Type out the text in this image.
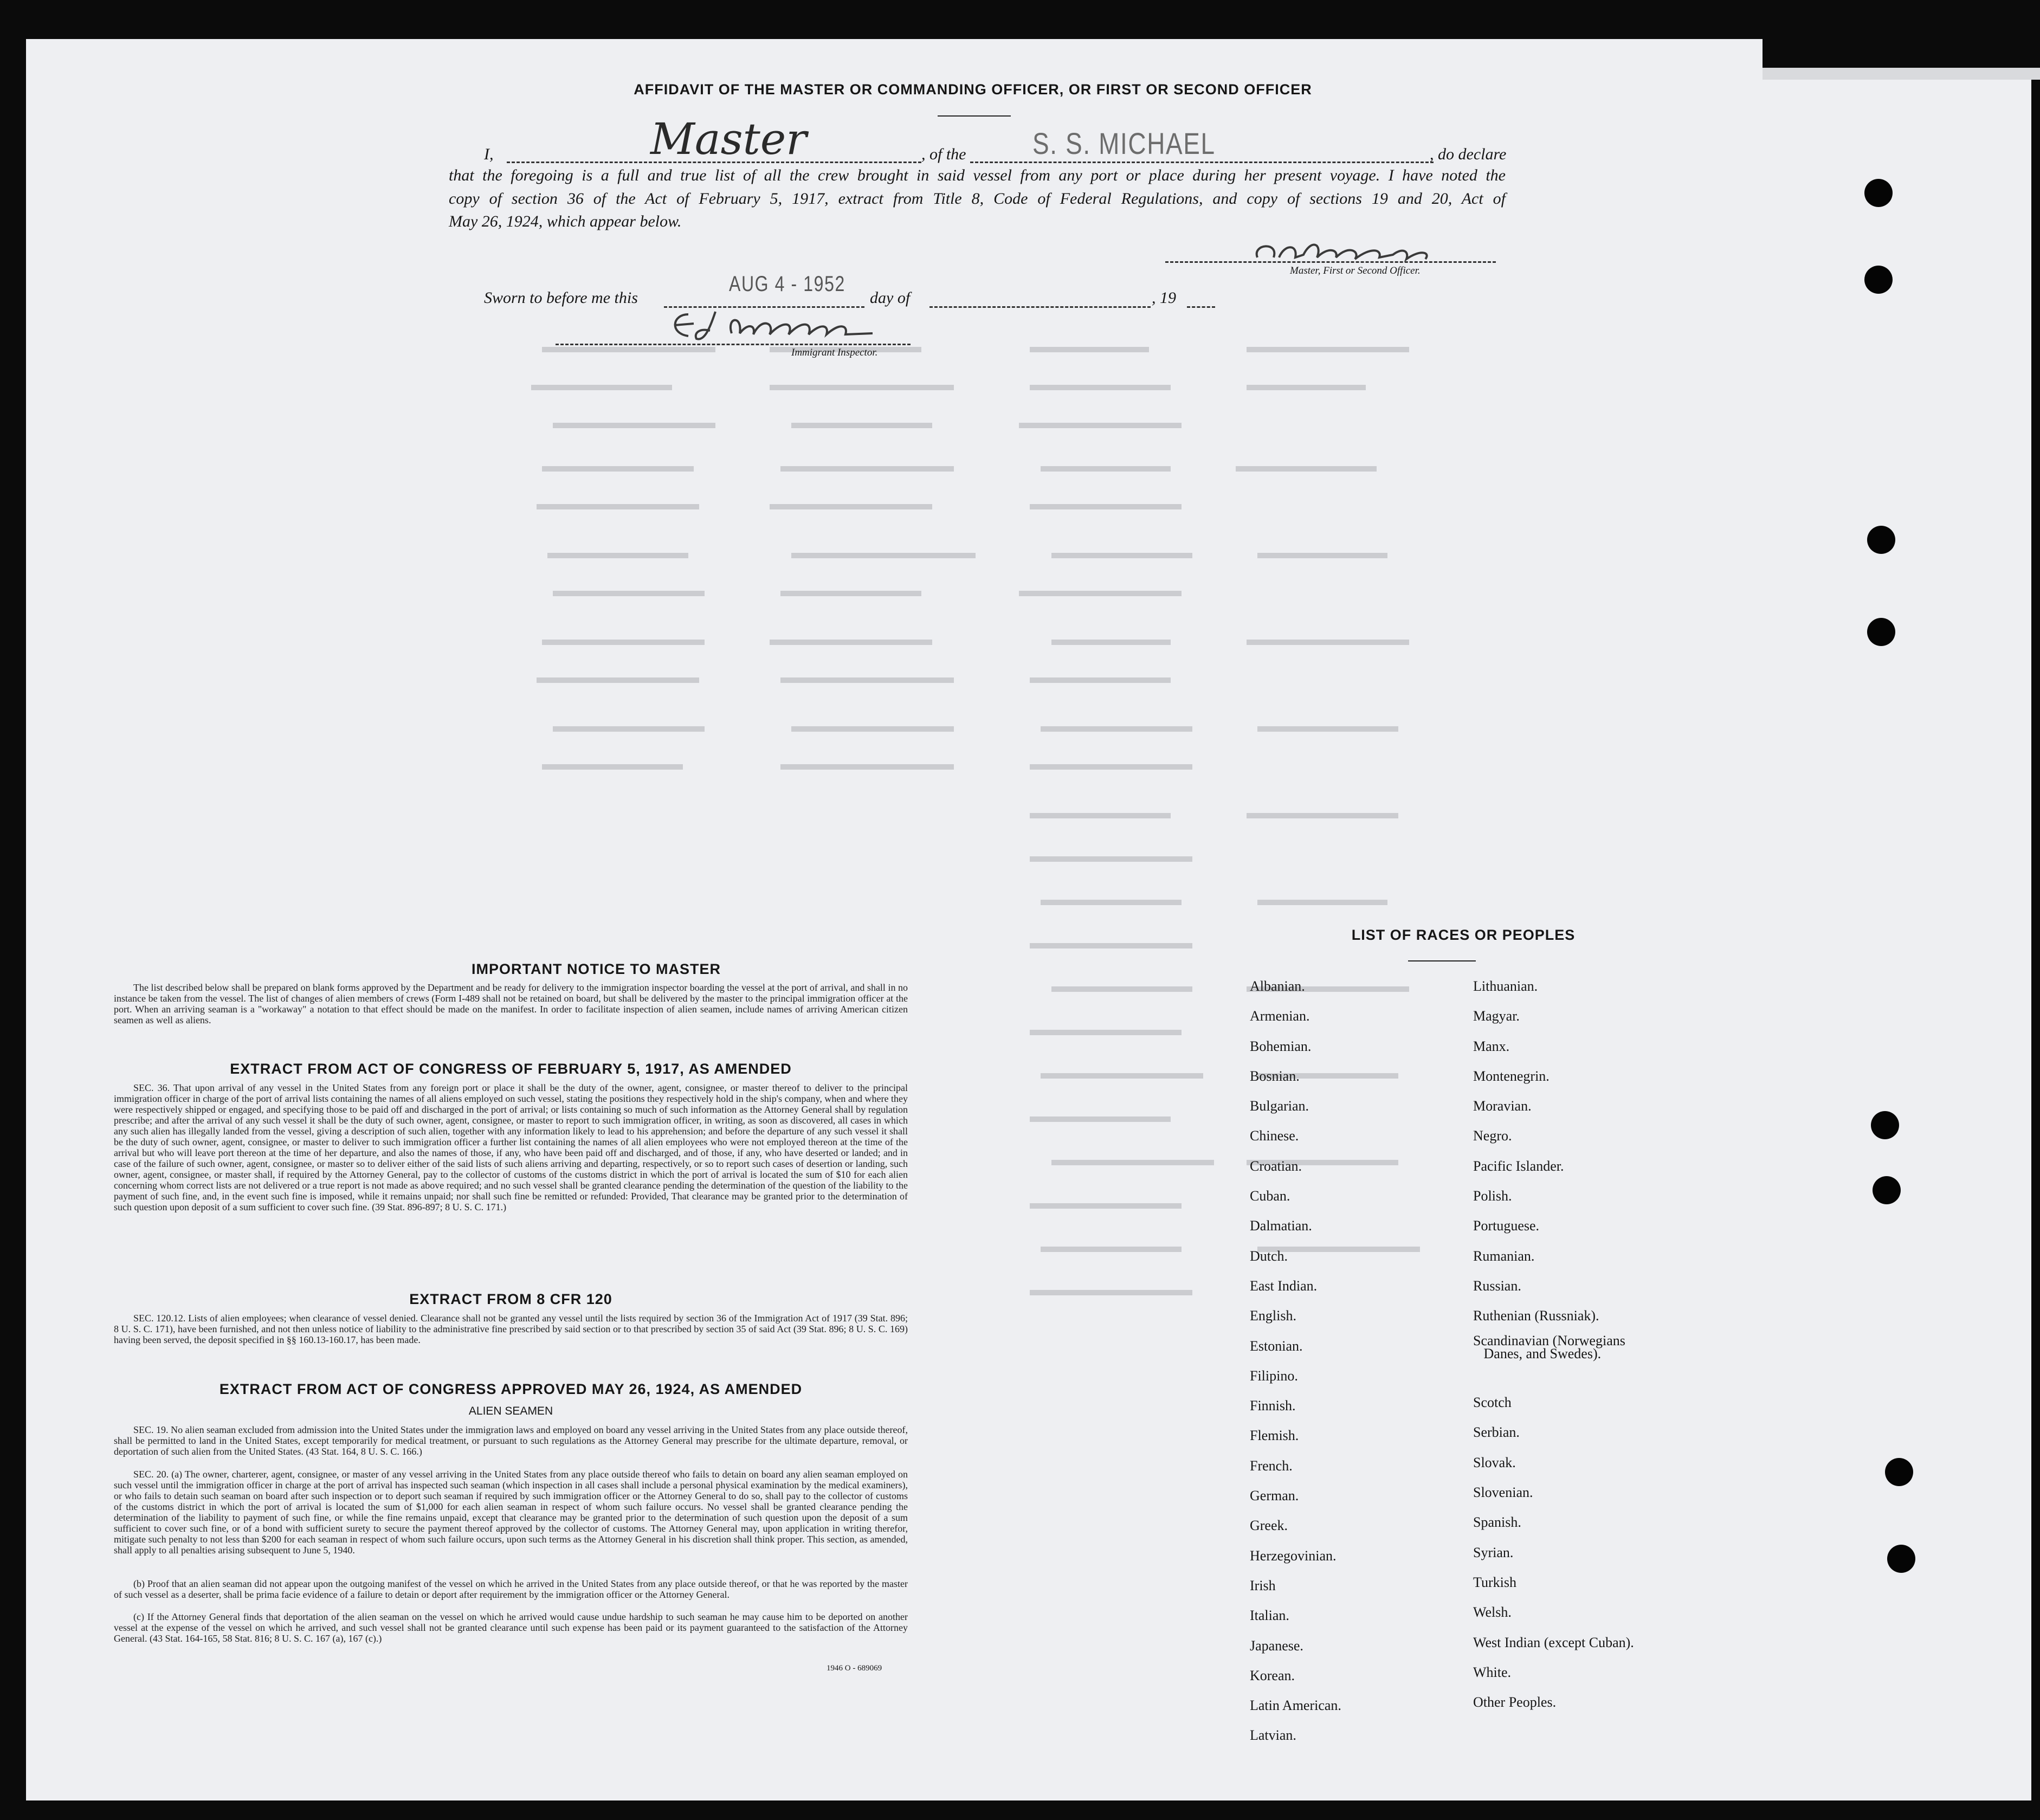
AFFIDAVIT OF THE MASTER OR COMMANDING OFFICER, OR FIRST OR SECOND OFFICER
I,	Master	, of the S. S. MICHAEL	, do declare
that the foregoing is a full and true list of all the crew brought in said vessel from any port or place during her present voyage. I have noted the
copy of section 36 of the Act of February 5, 1917, extract from Title 8, Code of Federal Regulations, and copy of sections 19 and 20, Act of
May 26, 1924, which appear below.
Master, First or Second Officer.
Sworn to before me this
AUG 4 - 1952
day of	, 19
Immigrant Inspector.
IMPORTANT NOTICE TO MASTER
The list described below shall be prepared on blank forms approved by the Department and be ready for delivery to the immigration inspector boarding the vessel at the port of arrival, and shall in no instance be taken from the vessel. The list of changes of alien members of crews (Form I-489 shall not be retained on board, but shall be delivered by the master to the principal immigration officer at the port. When an arriving seaman is a "workaway" a notation to that effect should be made on the manifest. In order to facilitate inspection of alien seamen, include names of arriving American citizen seamen as well as aliens.
EXTRACT FROM ACT OF CONGRESS OF FEBRUARY 5, 1917, AS AMENDED
SEC. 36. That upon arrival of any vessel in the United States from any foreign port or place it shall be the duty of the owner, agent, consignee, or master thereof to deliver to the principal immigration officer in charge of the port of arrival lists containing the names of all aliens employed on such vessel, stating the positions they respectively hold in the ship's company, when and where they were respectively shipped or engaged, and specifying those to be paid off and discharged in the port of arrival; or lists containing so much of such information as the Attorney General shall by regulation prescribe; and after the arrival of any such vessel it shall be the duty of such owner, agent, consignee, or master to report to such immigration officer, in writing, as soon as discovered, all cases in which any such alien has illegally landed from the vessel, giving a description of such alien, together with any information likely to lead to his apprehension; and before the departure of any such vessel it shall be the duty of such owner, agent, consignee, or master to deliver to such immigration officer a further list containing the names of all alien employees who were not employed thereon at the time of the arrival but who will leave port thereon at the time of her departure, and also the names of those, if any, who have been paid off and discharged, and of those, if any, who have deserted or landed; and in case of the failure of such owner, agent, consignee, or master so to deliver either of the said lists of such aliens arriving and departing, respectively, or so to report such cases of desertion or landing, such owner, agent, consignee, or master shall, if required by the Attorney General, pay to the collector of customs of the customs district in which the port of arrival is located the sum of $10 for each alien concerning whom correct lists are not delivered or a true report is not made as above required; and no such vessel shall be granted clearance pending the determination of the question of the liability to the payment of such fine, and, in the event such fine is imposed, while it remains unpaid; nor shall such fine be remitted or refunded: Provided, That clearance may be granted prior to the determination of such question upon deposit of a sum sufficient to cover such fine. (39 Stat. 896-897; 8 U. S. C. 171.)
EXTRACT FROM 8 CFR 120
SEC. 120.12. Lists of alien employees; when clearance of vessel denied. Clearance shall not be granted any vessel until the lists required by section 36 of the Immigration Act of 1917 (39 Stat. 896; 8 U. S. C. 171), have been furnished, and not then unless notice of liability to the administrative fine prescribed by said section or to that prescribed by section 35 of said Act (39 Stat. 896; 8 U. S. C. 169) having been served, the deposit specified in §§ 160.13-160.17, has been made.
EXTRACT FROM ACT OF CONGRESS APPROVED MAY 26, 1924, AS AMENDED
ALIEN SEAMEN
SEC. 19. No alien seaman excluded from admission into the United States under the immigration laws and employed on board any vessel arriving in the United States from any place outside thereof, shall be permitted to land in the United States, except temporarily for medical treatment, or pursuant to such regulations as the Attorney General may prescribe for the ultimate departure, removal, or deportation of such alien from the United States. (43 Stat. 164, 8 U. S. C. 166.)
SEC. 20. (a) The owner, charterer, agent, consignee, or master of any vessel arriving in the United States from any place outside thereof who fails to detain on board any alien seaman employed on such vessel until the immigration officer in charge at the port of arrival has inspected such seaman (which inspection in all cases shall include a personal physical examination by the medical examiners), or who fails to detain such seaman on board after such inspection or to deport such seaman if required by such immigration officer or the Attorney General to do so, shall pay to the collector of customs of the customs district in which the port of arrival is located the sum of $1,000 for each alien seaman in respect of whom such failure occurs. No vessel shall be granted clearance pending the determination of the liability to payment of such fine, or while the fine remains unpaid, except that clearance may be granted prior to the determination of such question upon the deposit of a sum sufficient to cover such fine, or of a bond with sufficient surety to secure the payment thereof approved by the collector of customs. The Attorney General may, upon application in writing therefor, mitigate such penalty to not less than $200 for each seaman in respect of whom such failure occurs, upon such terms as the Attorney General in his discretion shall think proper. This section, as amended, shall apply to all penalties arising subsequent to June 5, 1940.
(b) Proof that an alien seaman did not appear upon the outgoing manifest of the vessel on which he arrived in the United States from any place outside thereof, or that he was reported by the master of such vessel as a deserter, shall be prima facie evidence of a failure to detain or deport after requirement by the immigration officer or the Attorney General.
(c) If the Attorney General finds that deportation of the alien seaman on the vessel on which he arrived would cause undue hardship to such seaman he may cause him to be deported on another vessel at the expense of the vessel on which he arrived, and such vessel shall not be granted clearance until such expense has been paid or its payment guaranteed to the satisfaction of the Attorney General. (43 Stat. 164-165, 58 Stat. 816; 8 U. S. C. 167 (a), 167 (c).)
1946 O - 689069
LIST OF RACES OR PEOPLES
Albanian.
Armenian.
Bohemian.
Bosnian.
Bulgarian.
Chinese.
Croatian.
Cuban.
Dalmatian.
Dutch.
East Indian.
English.
Estonian.
Filipino.
Finnish.
Flemish.
French.
German.
Greek.
Herzegovinian.
Irish
Italian.
Japanese.
Korean.
Latin American.
Latvian.
Lithuanian.
Magyar.
Manx.
Montenegrin.
Moravian.
Negro.
Pacific Islander.
Polish.
Portuguese.
Rumanian.
Russian.
Ruthenian (Russniak).
Scandinavian (Norwegians
Danes, and Swedes).
Scotch
Serbian.
Slovak.
Slovenian.
Spanish.
Syrian.
Turkish
Welsh.
West Indian (except Cuban).
White.
Other Peoples.
